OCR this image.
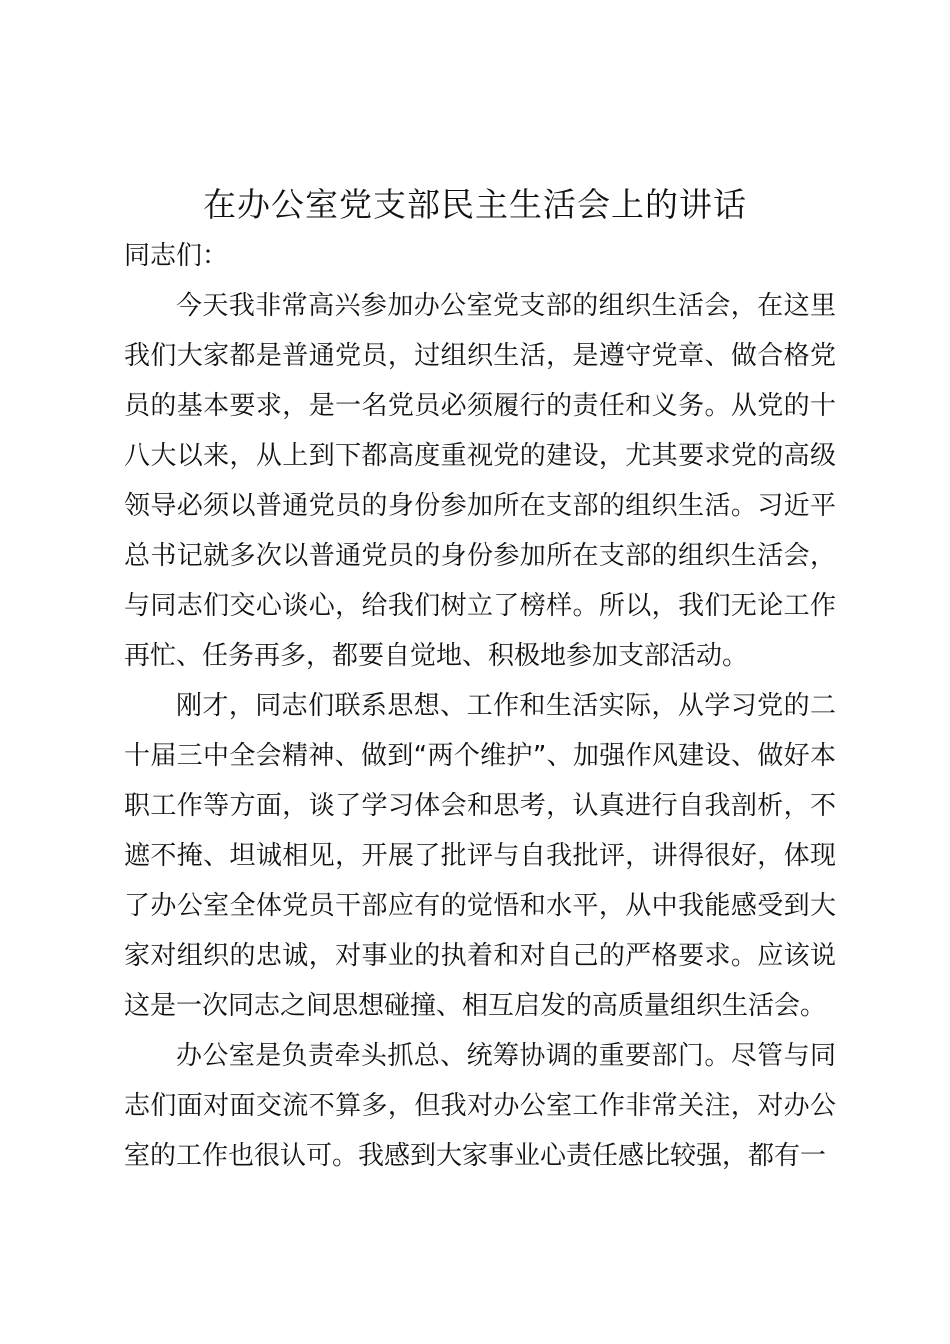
在办公室党支部民主生活会上的讲话

同志们：

今天我非常高兴参加办公室党支部的组织生活会，在这里我们大家都是普通党员，过组织生活，是遵守党章、做合格党员的基本要求，是一名党员必须履行的责任和义务。从党的十八大以来，从上到下都高度重视党的建设，尤其要求党的高级领导必须以普通党员的身份参加所在支部的组织生活。习近平总书记就多次以普通党员的身份参加所在支部的组织生活会，与同志们交心谈心，给我们树立了榜样。所以，我们无论工作再忙、任务再多，都要自觉地、积极地参加支部活动。

刚才，同志们联系思想、工作和生活实际，从学习党的二十届三中全会精神、做到“两个维护”、加强作风建设、做好本职工作等方面，谈了学习体会和思考，认真进行自我剖析，不遮不掩、坦诚相见，开展了批评与自我批评，讲得很好，体现了办公室全体党员干部应有的觉悟和水平，从中我能感受到大家对组织的忠诚，对事业的执着和对自己的严格要求。应该说这是一次同志之间思想碰撞、相互启发的高质量组织生活会。

办公室是负责牵头抓总、统筹协调的重要部门。尽管与同志们面对面交流不算多，但我对办公室工作非常关注，对办公室的工作也很认可。我感到大家事业心责任感比较强，都有一
